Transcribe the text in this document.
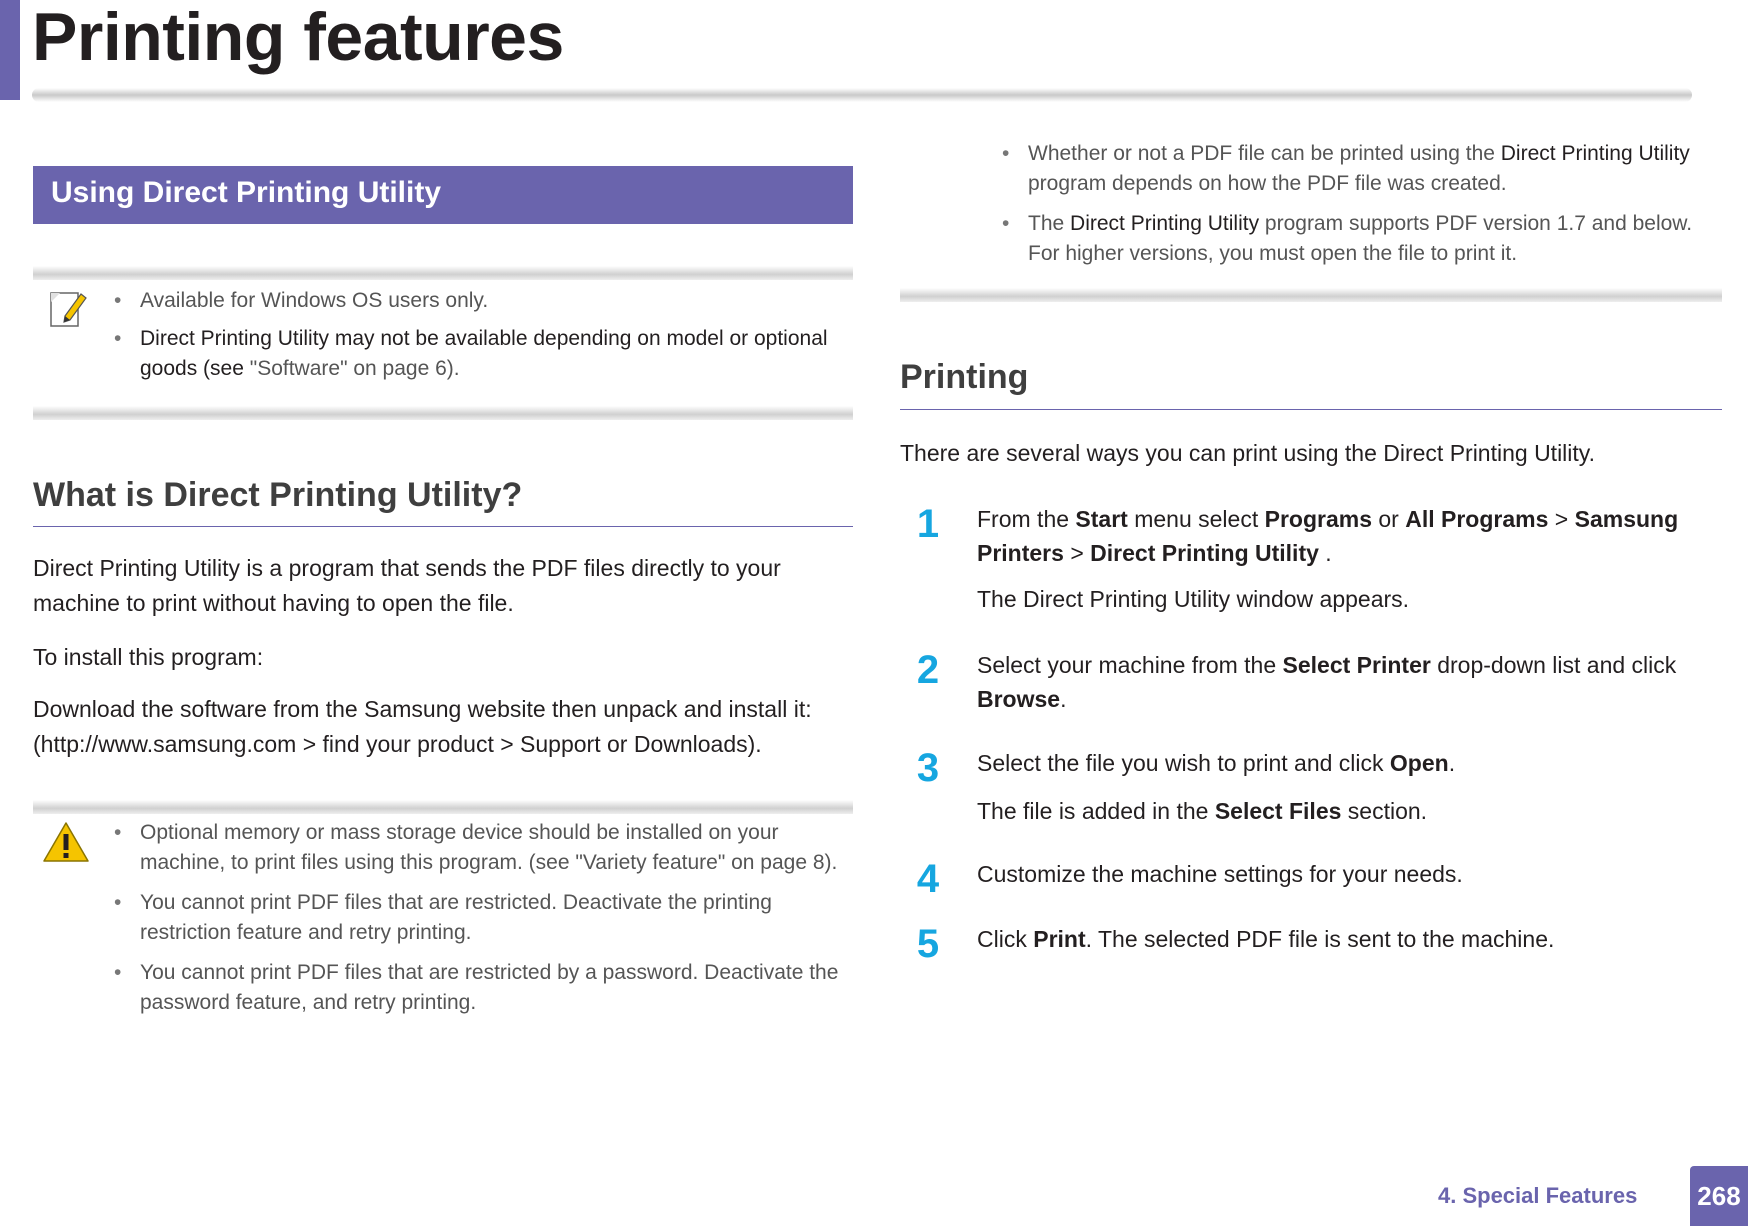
Printing features
Using Direct Printing Utility
• Available for Windows OS users only.
• Direct Printing Utility may not be available depending on model or optional goods (see "Software" on page 6).
What is Direct Printing Utility?
Direct Printing Utility is a program that sends the PDF files directly to your machine to print without having to open the file.
To install this program:
Download the software from the Samsung website then unpack and install it: (http://www.samsung.com > find your product > Support or Downloads).
• Optional memory or mass storage device should be installed on your machine, to print files using this program. (see "Variety feature" on page 8).
• You cannot print PDF files that are restricted. Deactivate the printing restriction feature and retry printing.
• You cannot print PDF files that are restricted by a password. Deactivate the password feature, and retry printing.
• Whether or not a PDF file can be printed using the Direct Printing Utility program depends on how the PDF file was created.
• The Direct Printing Utility program supports PDF version 1.7 and below. For higher versions, you must open the file to print it.
Printing
There are several ways you can print using the Direct Printing Utility.
1	From the Start menu select Programs or All Programs > Samsung Printers > Direct Printing Utility .
The Direct Printing Utility window appears.
2	Select your machine from the Select Printer drop-down list and click Browse.
3	Select the file you wish to print and click Open.
The file is added in the Select Files section.
4	Customize the machine settings for your needs.
5	Click Print. The selected PDF file is sent to the machine.
4. Special Features 268
